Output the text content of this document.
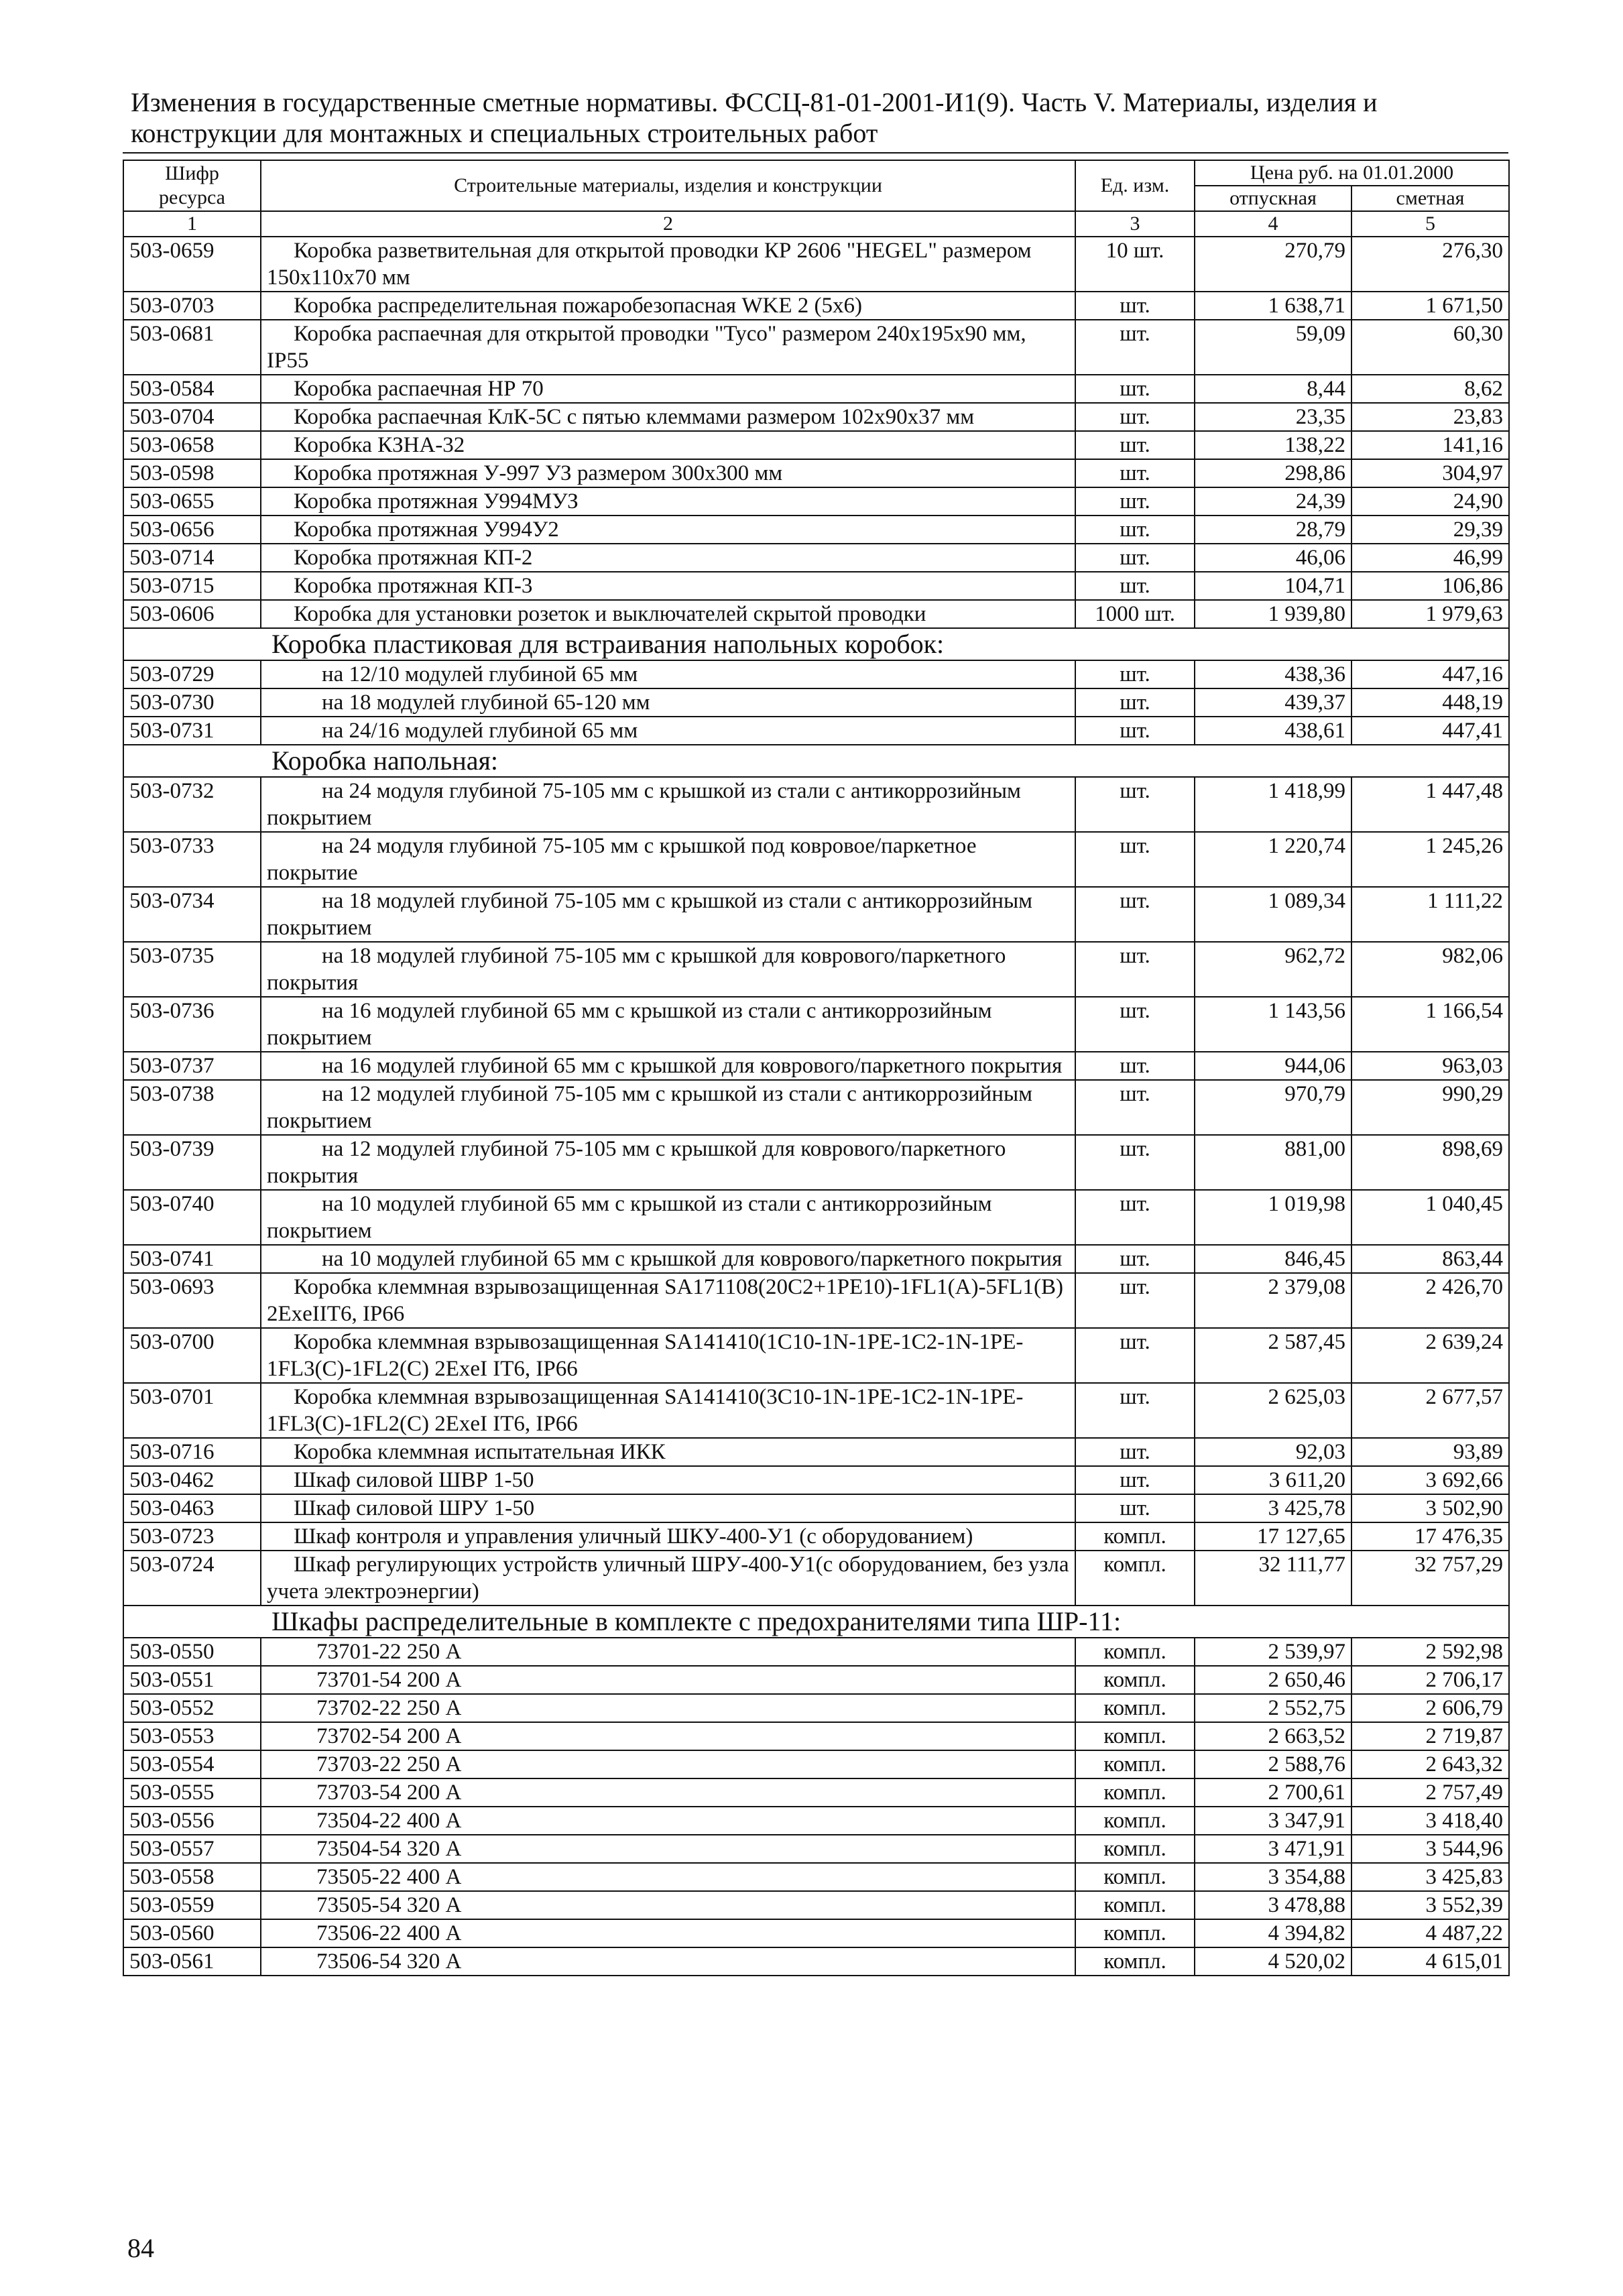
Изменения в государственные сметные нормативы. ФССЦ-81-01-2001-И1(9). Часть V. Материалы, изделия и
конструкции для монтажных и специальных строительных работ
Шифр ресурса	Строительные материалы, изделия и конструкции	Ед. изм.	Цена руб. на 01.01.2000	
			отпускная	сметная
1	2	3	4	5
503-0659	Коробка разветвительная для открытой проводки КР 2606 "HEGEL" размером 150х110х70 мм	10 шт.	270,79	276,30
503-0703	Коробка распределительная пожаробезопасная WKE 2 (5х6)	шт.	1 638,71	1 671,50
503-0681	Коробка распаечная для открытой проводки "Tyco" размером 240х195х90 мм, IP55	шт.	59,09	60,30
503-0584	Коробка распаечная НР 70	шт.	8,44	8,62
503-0704	Коробка распаечная КлК-5С с пятью клеммами размером 102х90х37 мм	шт.	23,35	23,83
503-0658	Коробка КЗНА-32	шт.	138,22	141,16
503-0598	Коробка протяжная У-997 УЗ размером 300х300 мм	шт.	298,86	304,97
503-0655	Коробка протяжная У994МУЗ	шт.	24,39	24,90
503-0656	Коробка протяжная У994У2	шт.	28,79	29,39
503-0714	Коробка протяжная КП-2	шт.	46,06	46,99
503-0715	Коробка протяжная КП-3	шт.	104,71	106,86
503-0606	Коробка для установки розеток и выключателей скрытой проводки	1000 шт.	1 939,80	1 979,63
Коробка пластиковая для встраивания напольных коробок:				
503-0729	на 12/10 модулей глубиной 65 мм	шт.	438,36	447,16
503-0730	на 18 модулей глубиной 65-120 мм	шт.	439,37	448,19
503-0731	на 24/16 модулей глубиной 65 мм	шт.	438,61	447,41
Коробка напольная:				
503-0732	на 24 модуля глубиной 75-105 мм с крышкой из стали с антикоррозийным покрытием	шт.	1 418,99	1 447,48
503-0733	на 24 модуля глубиной 75-105 мм с крышкой под ковровое/паркетное покрытие	шт.	1 220,74	1 245,26
503-0734	на 18 модулей глубиной 75-105 мм с крышкой из стали с антикоррозийным покрытием	шт.	1 089,34	1 111,22
503-0735	на 18 модулей глубиной 75-105 мм с крышкой для коврового/паркетного покрытия	шт.	962,72	982,06
503-0736	на 16 модулей глубиной 65 мм с крышкой из стали с антикоррозийным покрытием	шт.	1 143,56	1 166,54
503-0737	на 16 модулей глубиной 65 мм с крышкой для коврового/паркетного покрытия	шт.	944,06	963,03
503-0738	на 12 модулей глубиной 75-105 мм с крышкой из стали с антикоррозийным покрытием	шт.	970,79	990,29
503-0739	на 12 модулей глубиной 75-105 мм с крышкой для коврового/паркетного покрытия	шт.	881,00	898,69
503-0740	на 10 модулей глубиной 65 мм с крышкой из стали с антикоррозийным покрытием	шт.	1 019,98	1 040,45
503-0741	на 10 модулей глубиной 65 мм с крышкой для коврового/паркетного покрытия	шт.	846,45	863,44
503-0693	Коробка клеммная взрывозащищенная SA171108(20C2+1PE10)-1FL1(A)-5FL1(B) 2ExeIIT6, IP66	шт.	2 379,08	2 426,70
503-0700	Коробка клеммная взрывозащищенная SA141410(1C10-1N-1PE-1C2-1N-1PE-1FL3(C)-1FL2(C) 2ExeI IT6, IP66	шт.	2 587,45	2 639,24
503-0701	Коробка клеммная взрывозащищенная SA141410(3C10-1N-1PE-1C2-1N-1PE-1FL3(C)-1FL2(C) 2ExeI IT6, IP66	шт.	2 625,03	2 677,57
503-0716	Коробка клеммная испытательная ИКК	шт.	92,03	93,89
503-0462	Шкаф силовой ШВР 1-50	шт.	3 611,20	3 692,66
503-0463	Шкаф силовой ШРУ 1-50	шт.	3 425,78	3 502,90
503-0723	Шкаф контроля и управления уличный ШКУ-400-У1 (с оборудованием)	компл.	17 127,65	17 476,35
503-0724	Шкаф регулирующих устройств уличный ШРУ-400-У1(с оборудованием, без узла учета электроэнергии)	компл.	32 111,77	32 757,29
Шкафы распределительные в комплекте с предохранителями типа ШР-11:				
503-0550	73701-22 250 А	компл.	2 539,97	2 592,98
503-0551	73701-54 200 А	компл.	2 650,46	2 706,17
503-0552	73702-22 250 А	компл.	2 552,75	2 606,79
503-0553	73702-54 200 А	компл.	2 663,52	2 719,87
503-0554	73703-22 250 А	компл.	2 588,76	2 643,32
503-0555	73703-54 200 А	компл.	2 700,61	2 757,49
503-0556	73504-22 400 А	компл.	3 347,91	3 418,40
503-0557	73504-54 320 А	компл.	3 471,91	3 544,96
503-0558	73505-22 400 А	компл.	3 354,88	3 425,83
503-0559	73505-54 320 А	компл.	3 478,88	3 552,39
503-0560	73506-22 400 А	компл.	4 394,82	4 487,22
503-0561	73506-54 320 А	компл.	4 520,02	4 615,01
84
